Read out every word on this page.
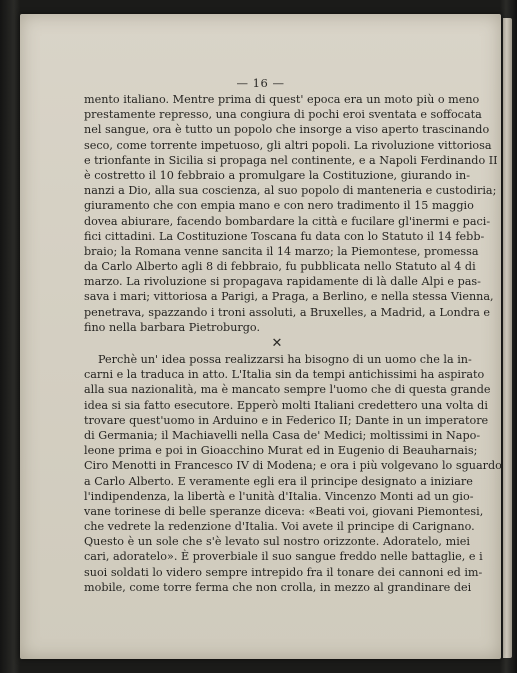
— 16 —
mento italiano. Mentre prima di quest' epoca era un moto più o meno
prestamente represso, una congiura di pochi eroi sventata e soffocata
nel sangue, ora è tutto un popolo che insorge a viso aperto trascinando
seco, come torrente impetuoso, gli altri popoli. La rivoluzione vittoriosa
e trionfante in Sicilia si propaga nel continente, e a Napoli Ferdinando II
è costretto il 10 febbraio a promulgare la Costituzione, giurando in-
nanzi a Dio, alla sua coscienza, al suo popolo di manteneria e custodiria;
giuramento che con empia mano e con nero tradimento il 15 maggio
dovea abiurare, facendo bombardare la città e fucilare gl'inermi e paci-
fici cittadini. La Costituzione Toscana fu data con lo Statuto il 14 febb-
braio; la Romana venne sancita il 14 marzo; la Piemontese, promessa
da Carlo Alberto agli 8 di febbraio, fu pubblicata nello Statuto al 4 di
marzo. La rivoluzione si propagava rapidamente di là dalle Alpi e pas-
sava i mari; vittoriosa a Parigi, a Praga, a Berlino, e nella stessa Vienna,
penetrava, spazzando i troni assoluti, a Bruxelles, a Madrid, a Londra e
fino nella barbara Pietroburgo.
✕
Perchè un' idea possa realizzarsi ha bisogno di un uomo che la in-
carni e la traduca in atto. L'Italia sin da tempi antichissimi ha aspirato
alla sua nazionalità, ma è mancato sempre l'uomo che di questa grande
idea si sia fatto esecutore. Epperò molti Italiani credettero una volta di
trovare quest'uomo in Arduino e in Federico II; Dante in un imperatore
di Germania; il Machiavelli nella Casa de' Medici; moltissimi in Napo-
leone prima e poi in Gioacchino Murat ed in Eugenio di Beauharnais;
Ciro Menotti in Francesco IV di Modena; e ora i più volgevano lo sguardo
a Carlo Alberto. E veramente egli era il principe designato a iniziare
l'indipendenza, la libertà e l'unità d'Italia. Vincenzo Monti ad un gio-
vane torinese di belle speranze diceva: «Beati voi, giovani Piemontesi,
che vedrete la redenzione d'Italia. Voi avete il principe di Carignano.
Questo è un sole che s'è levato sul nostro orizzonte. Adoratelo, miei
cari, adoratelo». È proverbiale il suo sangue freddo nelle battaglie, e i
suoi soldati lo videro sempre intrepido fra il tonare dei cannoni ed im-
mobile, come torre ferma che non crolla, in mezzo al grandinare dei
